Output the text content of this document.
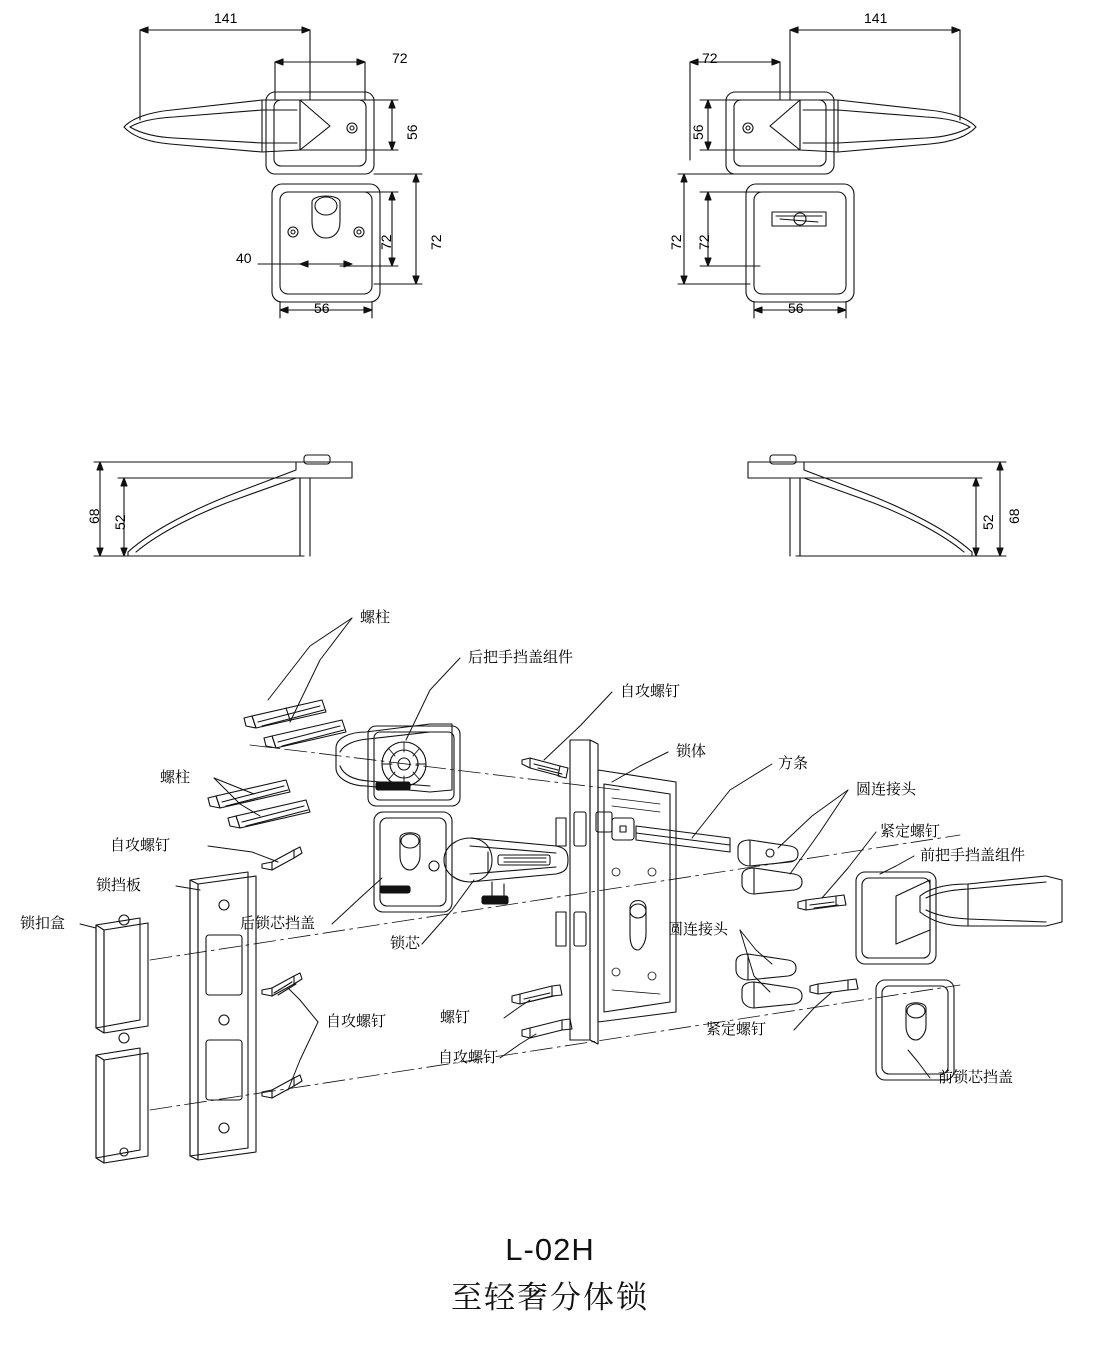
141
72
56
72 72
40
56
141
72
56
72 72
56
68 52	52 68
螺柱
后把手挡盖组件
自攻螺钉
锁体
方条
圆连接头
紧定螺钉
前把手挡盖组件
螺柱
自攻螺钉
锁挡板
锁扣盒	后锁芯挡盖
锁芯
圆连接头
自攻螺钉	螺钉
自攻螺钉
紧定螺钉
前锁芯挡盖
L-02H
至轻奢分体锁
